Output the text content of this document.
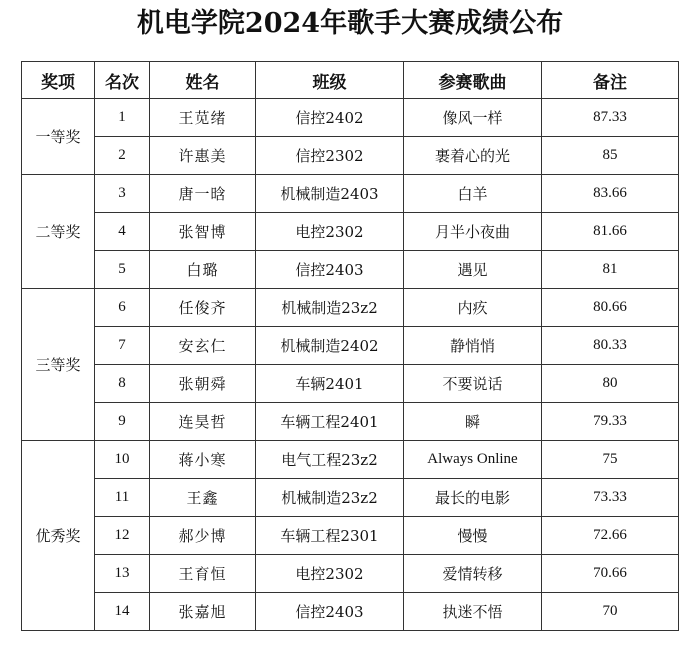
机电学院2024年歌手大赛成绩公布
奖项	名次	姓名	班级	参赛歌曲	备注
一等奖	1	王苋绪	信控2402	像风一样	87.33
	2	许惠美	信控2302	裹着心的光	85
二等奖	3	唐一晗	机械制造2403	白羊	83.66
	4	张智博	电控2302	月半小夜曲	81.66
	5	白璐	信控2403	遇见	81
三等奖	6	任俊齐	机械制造23z2	内疚	80.66
	7	安玄仁	机械制造2402	静悄悄	80.33
	8	张朝舜	车辆2401	不要说话	80
	9	连昊哲	车辆工程2401	瞬	79.33
优秀奖	10	蒋小寒	电气工程23z2	Always Online	75
	11	王鑫	机械制造23z2	最长的电影	73.33
	12	郝少博	车辆工程2301	慢慢	72.66
	13	王育恒	电控2302	爱情转移	70.66
	14	张嘉旭	信控2403	执迷不悟	70
